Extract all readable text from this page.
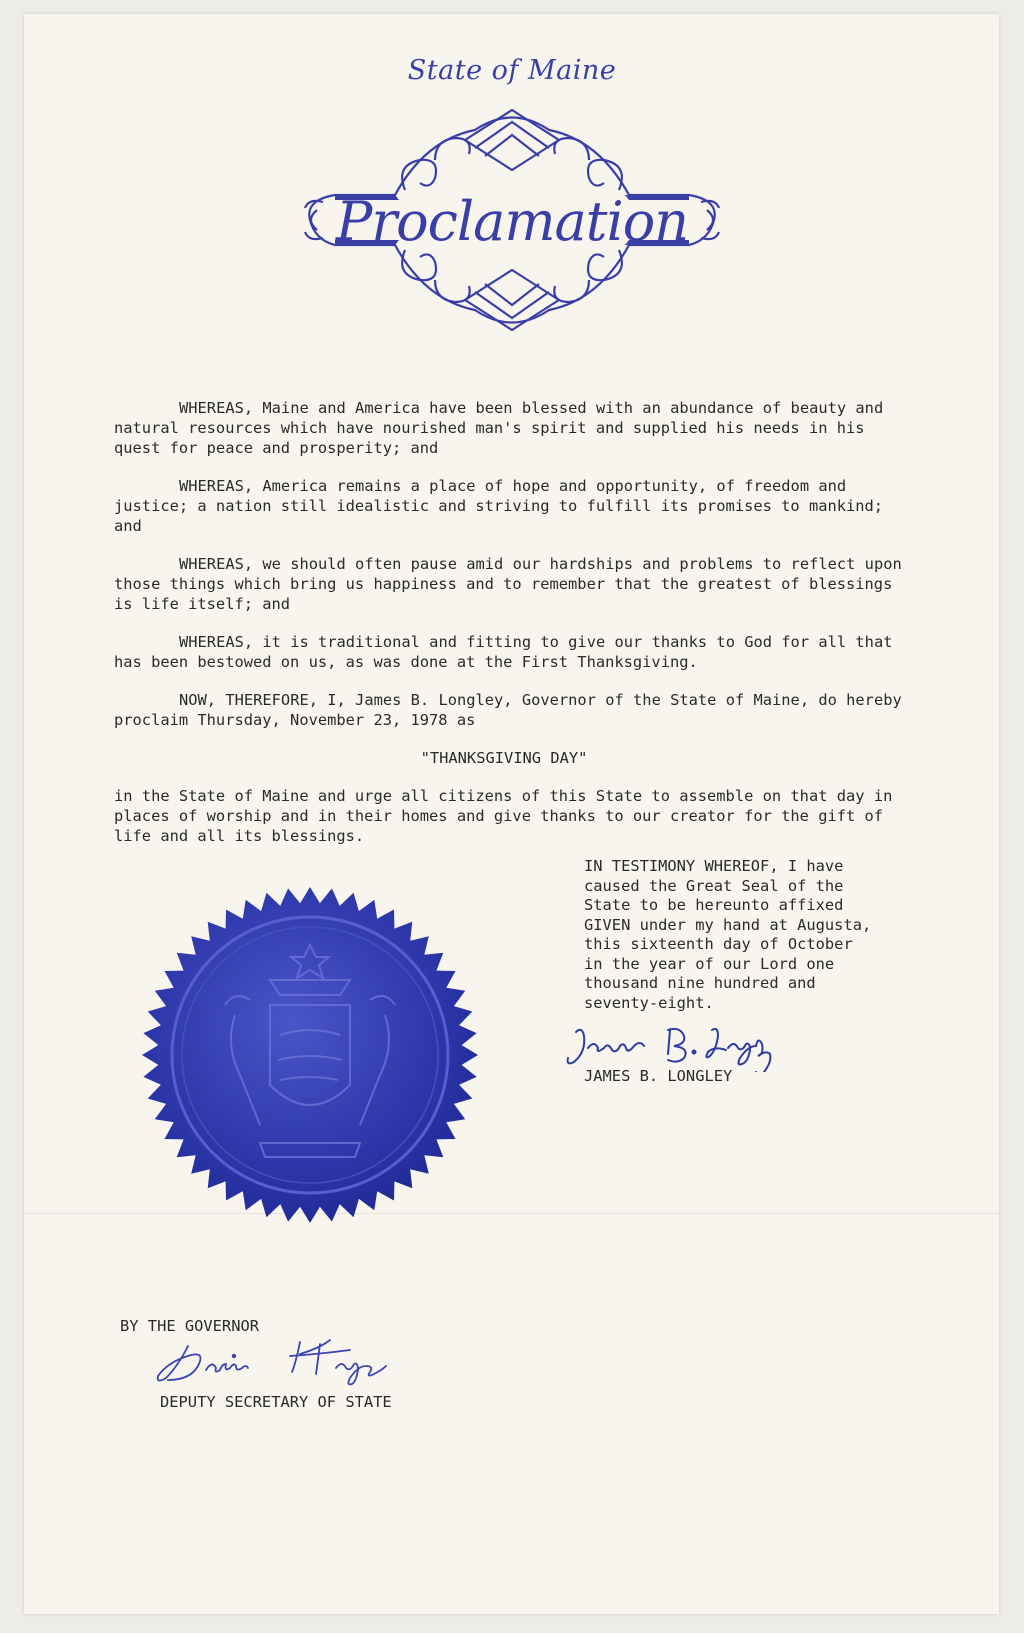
State of Maine
Proclamation

WHEREAS, Maine and America have been blessed with an abundance of beauty and natural resources which have nourished man's spirit and supplied his needs in his quest for peace and prosperity; and

WHEREAS, America remains a place of hope and opportunity, of freedom and justice; a nation still idealistic and striving to fulfill its promises to mankind; and

WHEREAS, we should often pause amid our hardships and problems to reflect upon those things which bring us happiness and to remember that the greatest of blessings is life itself; and

WHEREAS, it is traditional and fitting to give our thanks to God for all that has been bestowed on us, as was done at the First Thanksgiving.

NOW, THEREFORE, I, James B. Longley, Governor of the State of Maine, do hereby proclaim Thursday, November 23, 1978 as

"THANKSGIVING DAY"

in the State of Maine and urge all citizens of this State to assemble on that day in places of worship and in their homes and give thanks to our creator for the gift of life and all its blessings.

IN TESTIMONY WHEREOF, I have
caused the Great Seal of the
State to be hereunto affixed
GIVEN under my hand at Augusta,
this sixteenth day of October
in the year of our Lord one
thousand nine hundred and
seventy-eight.
JAMES B. LONGLEY
BY THE GOVERNOR
DEPUTY SECRETARY OF STATE
